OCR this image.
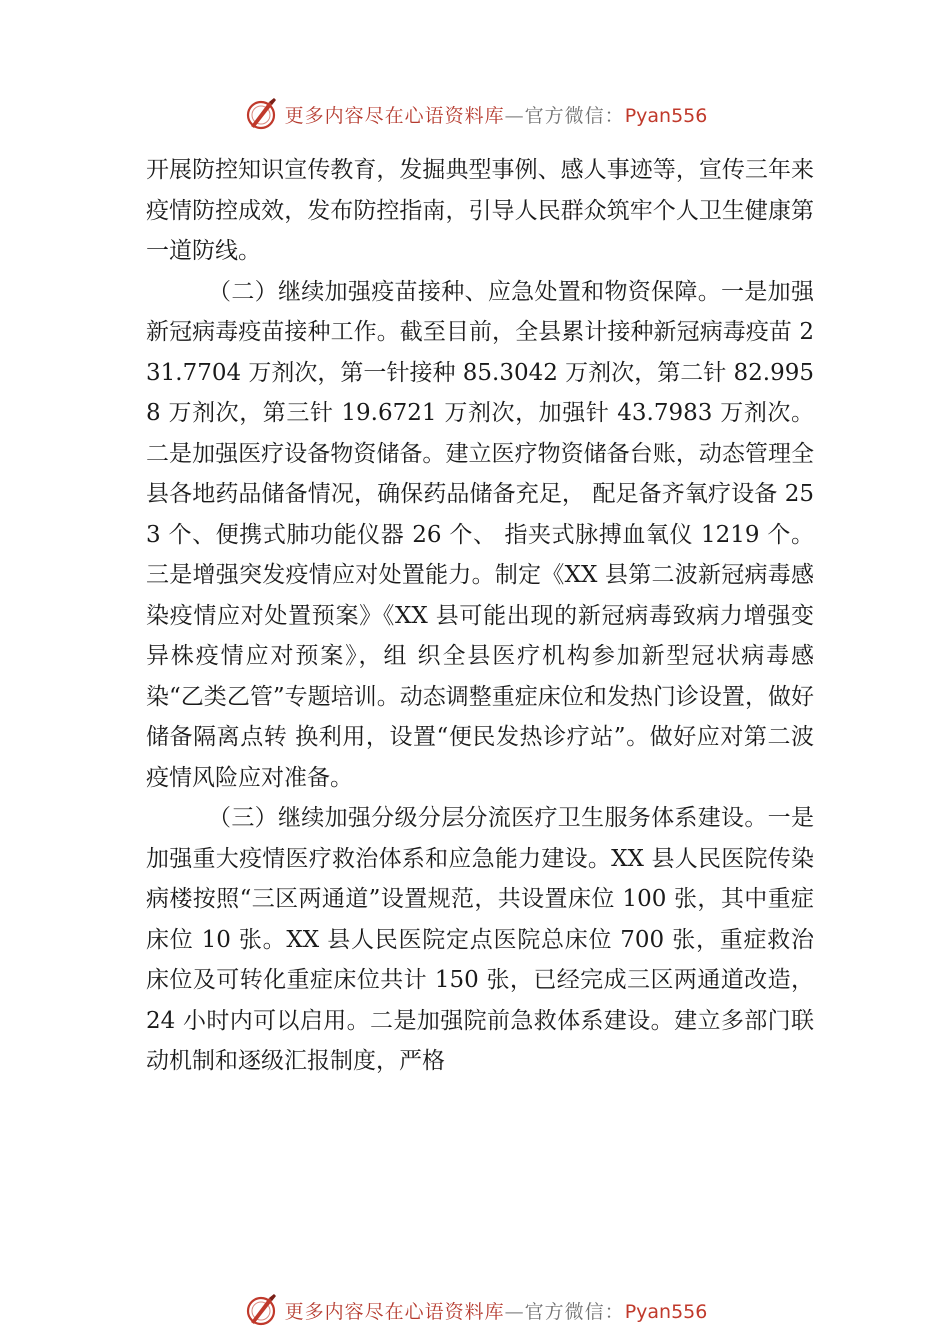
更多内容尽在心语资料库—官方微信：Pyan556

开展防控知识宣传教育，发掘典型事例、感人事迹等，宣传三年来疫情防控成效，发布防控指南，引导人民群众筑牢个人卫生健康第一道防线。

（二）继续加强疫苗接种、应急处置和物资保障。一是加强新冠病毒疫苗接种工作。截至目前，全县累计接种新冠病毒疫苗 231.7704 万剂次，第一针接种 85.3042 万剂次，第二针 82.9958 万剂次，第三针 19.6721 万剂次，加强针 43.7983 万剂次。二是加强医疗设备物资储备。建立医疗物资储备台账，动态管理全县各地药品储备情况，确保药品储备充足， 配足备齐氧疗设备 253 个、便携式肺功能仪器 26 个、 指夹式脉搏血氧仪 1219 个。三是增强突发疫情应对处置能力。制定《XX 县第二波新冠病毒感染疫情应对处置预案》《XX 县可能出现的新冠病毒致病力增强变异株疫情应对预案》，组 织全县医疗机构参加新型冠状病毒感染“乙类乙管”专题培训。动态调整重症床位和发热门诊设置，做好储备隔离点转 换利用，设置“便民发热诊疗站”。做好应对第二波疫情风险应对准备。

（三）继续加强分级分层分流医疗卫生服务体系建设。一是加强重大疫情医疗救治体系和应急能力建设。XX 县人民医院传染病楼按照“三区两通道”设置规范，共设置床位 100 张，其中重症床位 10 张。XX 县人民医院定点医院总床位 700 张，重症救治床位及可转化重症床位共计 150 张，已经完成三区两通道改造，24 小时内可以启用。二是加强院前急救体系建设。建立多部门联动机制和逐级汇报制度，严格

更多内容尽在心语资料库—官方微信：Pyan556
